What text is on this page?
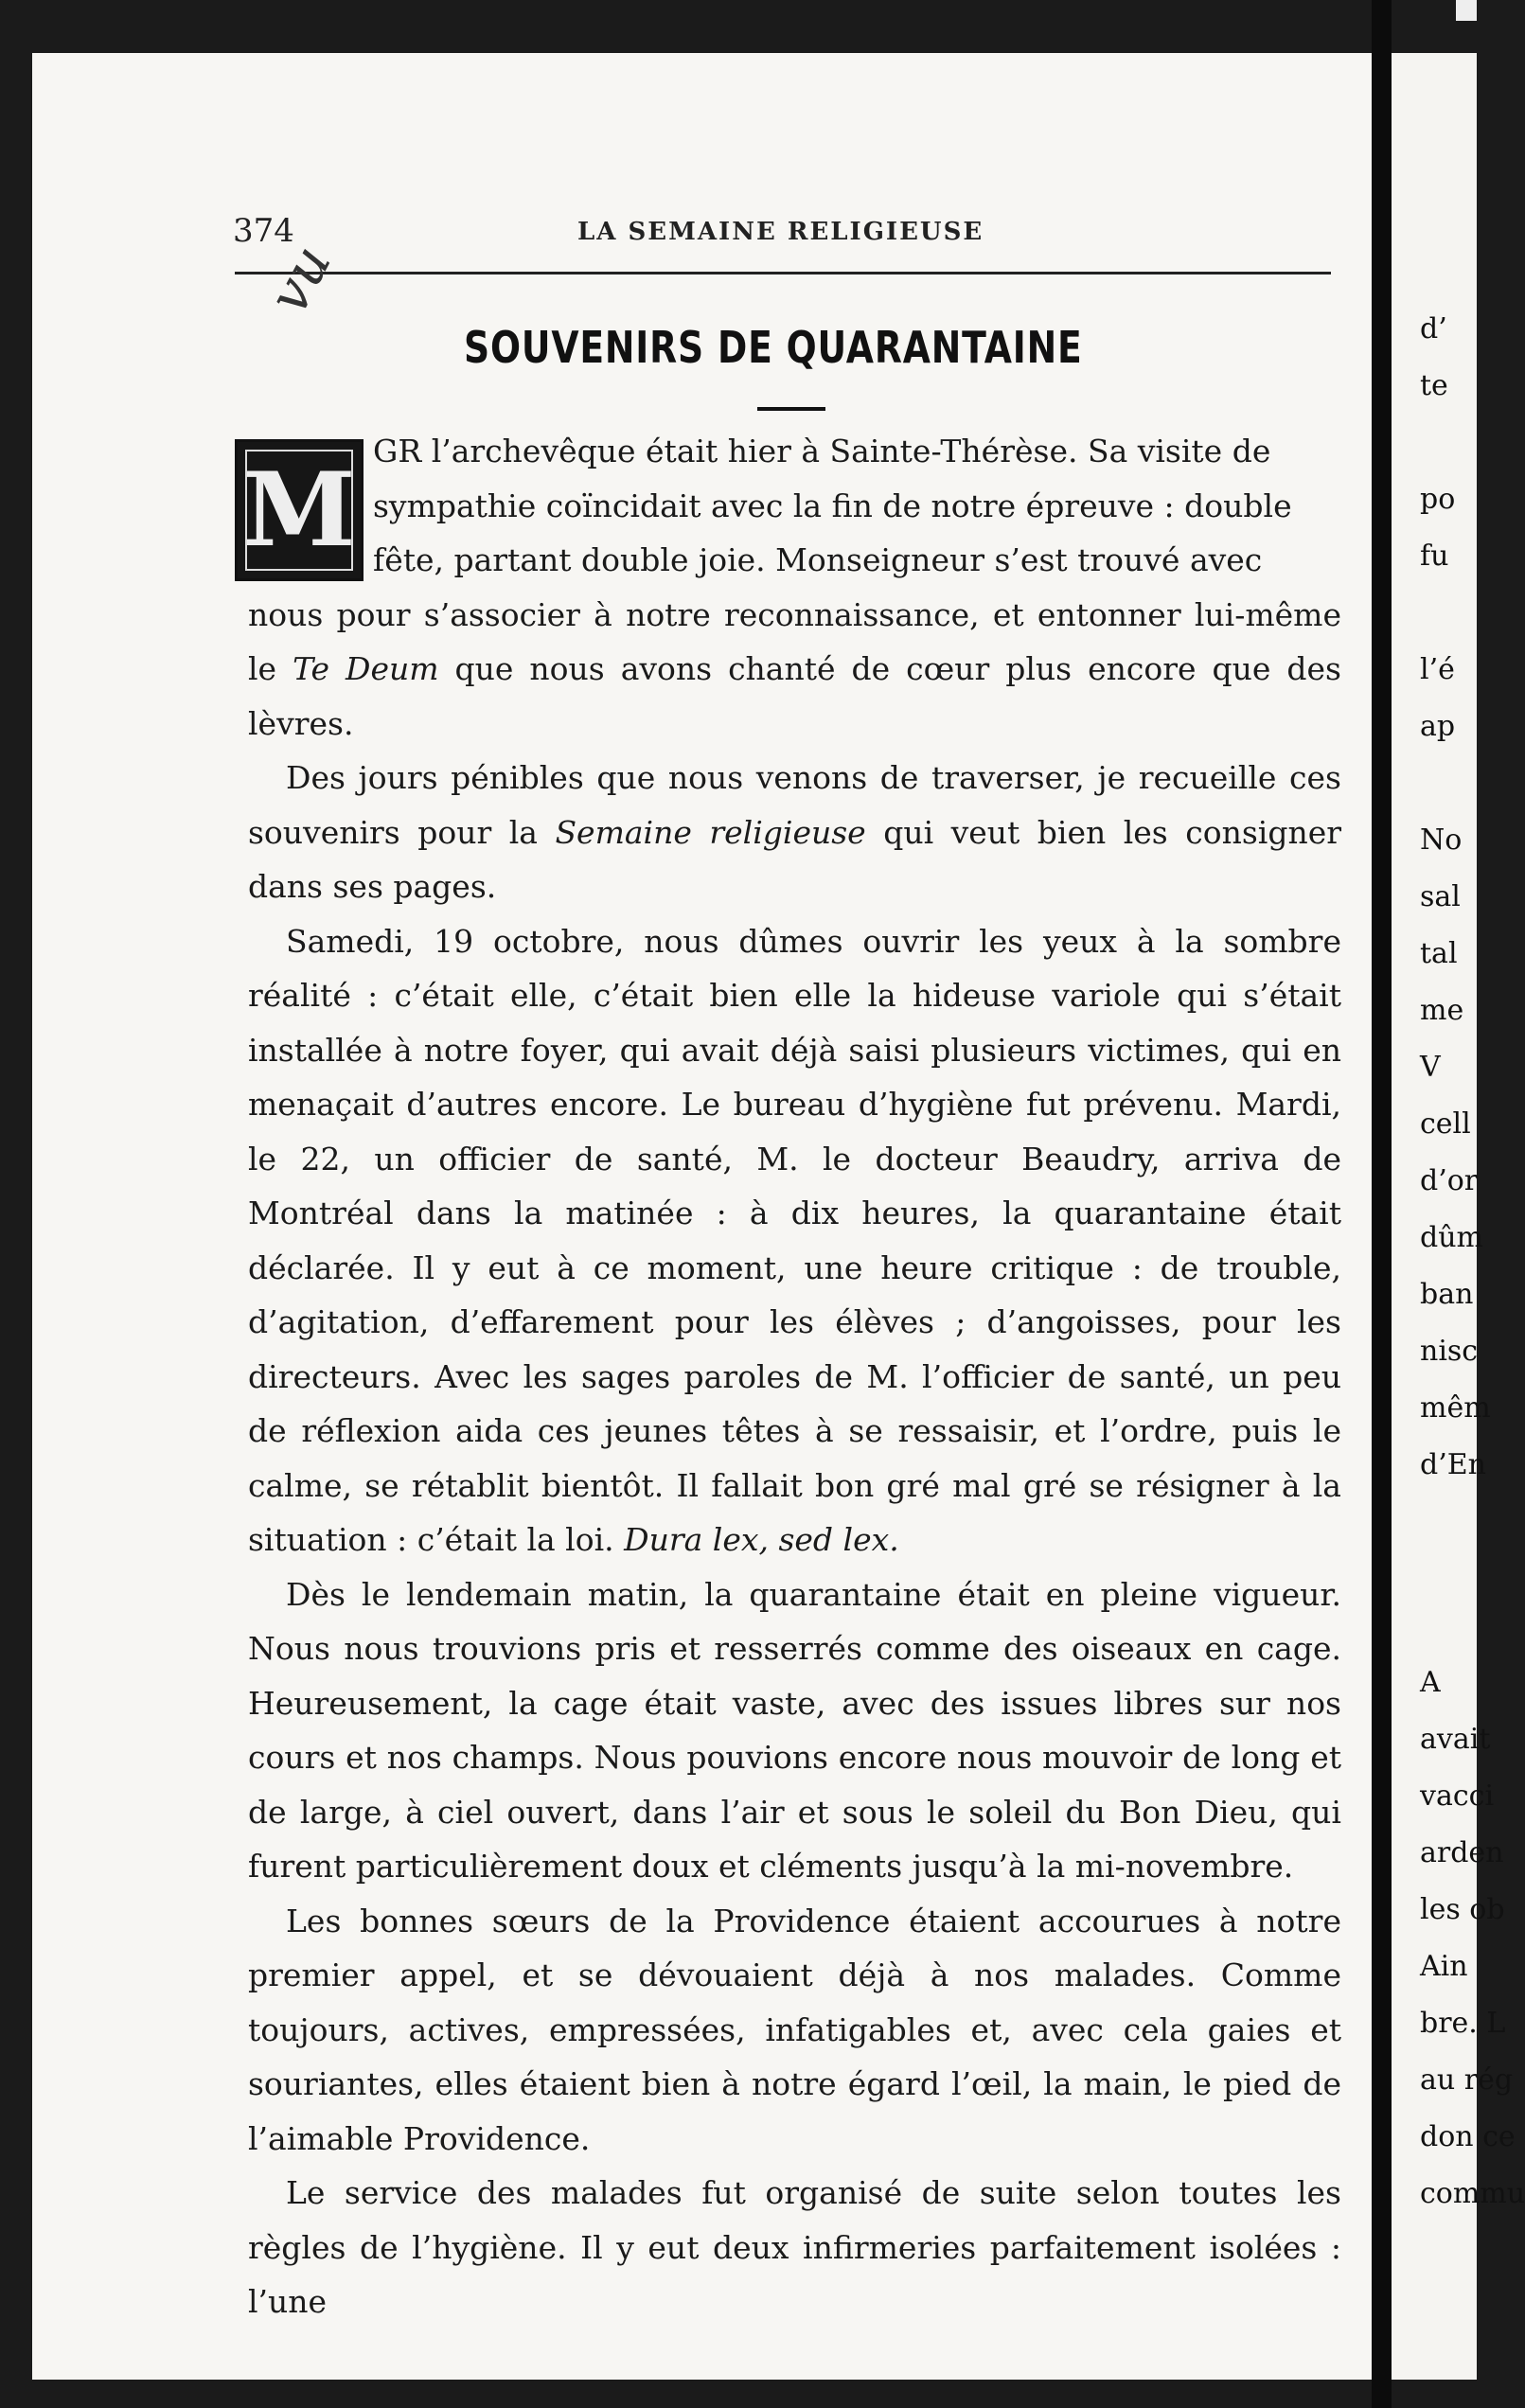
374	LA SEMAINE RELIGIEUSE
vu
SOUVENIRS DE QUARANTAINE
M GR l’archevêque était hier à Sainte-Thérèse. Sa visite de
sympathie coïncidait avec la fin de notre épreuve : double
fête, partant double joie. Monseigneur s’est trouvé avec
nous pour s’associer à notre reconnaissance, et entonner lui-même le Te Deum que nous avons chanté de cœur plus encore que des lèvres.

Des jours pénibles que nous venons de traverser, je recueille ces souvenirs pour la Semaine religieuse qui veut bien les consigner dans ses pages.

Samedi, 19 octobre, nous dûmes ouvrir les yeux à la sombre réalité : c’était elle, c’était bien elle la hideuse variole qui s’était installée à notre foyer, qui avait déjà saisi plusieurs victimes, qui en menaçait d’autres encore. Le bureau d’hygiène fut prévenu. Mardi, le 22, un officier de santé, M. le docteur Beaudry, arriva de Montréal dans la matinée : à dix heures, la quarantaine était déclarée. Il y eut à ce moment, une heure critique : de trouble, d’agitation, d’effarement pour les élèves ; d’angoisses, pour les directeurs. Avec les sages paroles de M. l’officier de santé, un peu de réflexion aida ces jeunes têtes à se ressaisir, et l’ordre, puis le calme, se rétablit bientôt. Il fallait bon gré mal gré se résigner à la situation : c’était la loi. Dura lex, sed lex.

Dès le lendemain matin, la quarantaine était en pleine vigueur. Nous nous trouvions pris et resserrés comme des oiseaux en cage. Heureusement, la cage était vaste, avec des issues libres sur nos cours et nos champs. Nous pouvions encore nous mouvoir de long et de large, à ciel ouvert, dans l’air et sous le soleil du Bon Dieu, qui furent particulièrement doux et cléments jusqu’à la mi-novembre.

Les bonnes sœurs de la Providence étaient accourues à notre premier appel, et se dévouaient déjà à nos malades. Comme toujours, actives, empressées, infatigables et, avec cela gaies et souriantes, elles étaient bien à notre égard l’œil, la main, le pied de l’aimable Providence.

Le service des malades fut organisé de suite selon toutes les règles de l’hygiène. Il y eut deux infirmeries parfaitement isolées : l’une

d’
te
po
fu
l’é
ap
No
sal
tal
me
V
cell
d’or
dûm
ban
nisc
mêm
d’En
A
avait
vacci
arden
les ob
Ain
bre. L
au rég
don ce
commu
